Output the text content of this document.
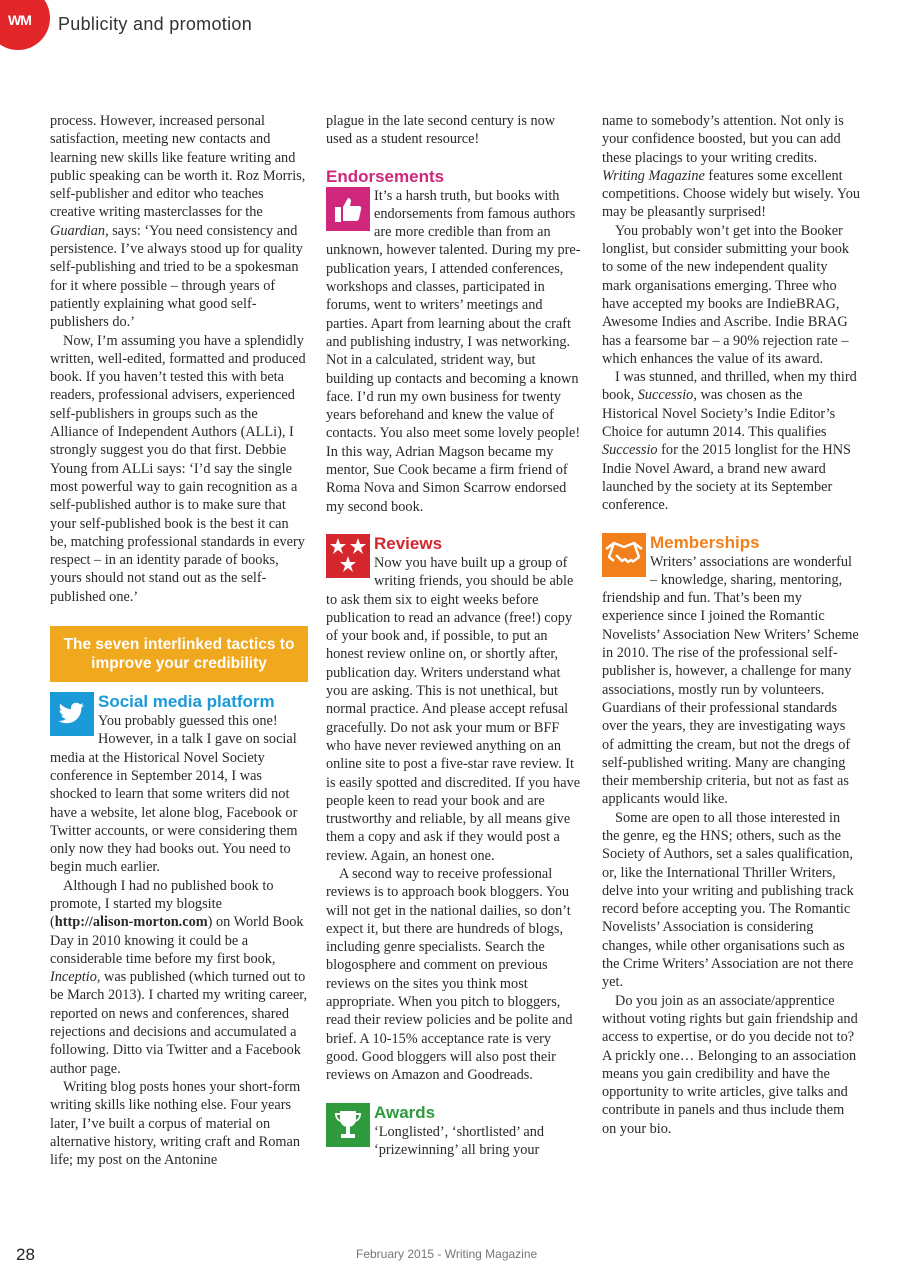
WM Publicity and promotion

process. However, increased personal satisfaction, meeting new contacts and learning new skills like feature writing and public speaking can be worth it. Roz Morris, self-publisher and editor who teaches creative writing masterclasses for the Guardian, says: ‘You need consistency and persistence. I’ve always stood up for quality self-publishing and tried to be a spokesman for it where possible – through years of patiently explaining what good self-publishers do.’

Now, I’m assuming you have a splendidly written, well-edited, formatted and produced book. If you haven’t tested this with beta readers, professional advisers, experienced self-publishers in groups such as the Alliance of Independent Authors (ALLi), I strongly suggest you do that first. Debbie Young from ALLi says: ‘I’d say the single most powerful way to gain recognition as a self-published author is to make sure that your self-published book is the best it can be, matching professional standards in every respect – in an identity parade of books, yours should not stand out as the self-published one.’

The seven interlinked tactics to improve your credibility

Social media platform

You probably guessed this one! However, in a talk I gave on social media at the Historical Novel Society conference in September 2014, I was shocked to learn that some writers did not have a website, let alone blog, Facebook or Twitter accounts, or were considering them only now they had books out. You need to begin much earlier.

Although I had no published book to promote, I started my blogsite (http://alison-morton.com) on World Book Day in 2010 knowing it could be a considerable time before my first book, Inceptio, was published (which turned out to be March 2013). I charted my writing career, reported on news and conferences, shared rejections and decisions and accumulated a following. Ditto via Twitter and a Facebook author page.

Writing blog posts hones your short-form writing skills like nothing else. Four years later, I’ve built a corpus of material on alternative history, writing craft and Roman life; my post on the Antonine

plague in the late second century is now used as a student resource!

Endorsements

It’s a harsh truth, but books with endorsements from famous authors are more credible than from an unknown, however talented. During my pre-publication years, I attended conferences, workshops and classes, participated in forums, went to writers’ meetings and parties. Apart from learning about the craft and publishing industry, I was networking. Not in a calculated, strident way, but building up contacts and becoming a known face. I’d run my own business for twenty years beforehand and knew the value of contacts. You also meet some lovely people! In this way, Adrian Magson became my mentor, Sue Cook became a firm friend of Roma Nova and Simon Scarrow endorsed my second book.

Reviews

Now you have built up a group of writing friends, you should be able to ask them six to eight weeks before publication to read an advance (free!) copy of your book and, if possible, to put an honest review online on, or shortly after, publication day. Writers understand what you are asking. This is not unethical, but normal practice. And please accept refusal gracefully. Do not ask your mum or BFF who have never reviewed anything on an online site to post a five-star rave review. It is easily spotted and discredited. If you have people keen to read your book and are trustworthy and reliable, by all means give them a copy and ask if they would post a review. Again, an honest one.

A second way to receive professional reviews is to approach book bloggers. You will not get in the national dailies, so don’t expect it, but there are hundreds of blogs, including genre specialists. Search the blogosphere and comment on previous reviews on the sites you think most appropriate. When you pitch to bloggers, read their review policies and be polite and brief. A 10-15% acceptance rate is very good. Good bloggers will also post their reviews on Amazon and Goodreads.

Awards

‘Longlisted’, ‘shortlisted’ and ‘prizewinning’ all bring your

name to somebody’s attention. Not only is your confidence boosted, but you can add these placings to your writing credits. Writing Magazine features some excellent competitions. Choose widely but wisely. You may be pleasantly surprised!

You probably won’t get into the Booker longlist, but consider submitting your book to some of the new independent quality mark organisations emerging. Three who have accepted my books are IndieBRAG, Awesome Indies and Ascribe. Indie BRAG has a fearsome bar – a 90% rejection rate – which enhances the value of its award.

I was stunned, and thrilled, when my third book, Successio, was chosen as the Historical Novel Society’s Indie Editor’s Choice for autumn 2014. This qualifies Successio for the 2015 longlist for the HNS Indie Novel Award, a brand new award launched by the society at its September conference.

Memberships

Writers’ associations are wonderful – knowledge, sharing, mentoring, friendship and fun. That’s been my experience since I joined the Romantic Novelists’ Association New Writers’ Scheme in 2010. The rise of the professional self-publisher is, however, a challenge for many associations, mostly run by volunteers. Guardians of their professional standards over the years, they are investigating ways of admitting the cream, but not the dregs of self-published writing. Many are changing their membership criteria, but not as fast as applicants would like.

Some are open to all those interested in the genre, eg the HNS; others, such as the Society of Authors, set a sales qualification, or, like the International Thriller Writers, delve into your writing and publishing track record before accepting you. The Romantic Novelists’ Association is considering changes, while other organisations such as the Crime Writers’ Association are not there yet.

Do you join as an associate/apprentice without voting rights but gain friendship and access to expertise, or do you decide not to? A prickly one… Belonging to an association means you gain credibility and have the opportunity to write articles, give talks and contribute in panels and thus include them on your bio.

28	February 2015 - Writing Magazine
